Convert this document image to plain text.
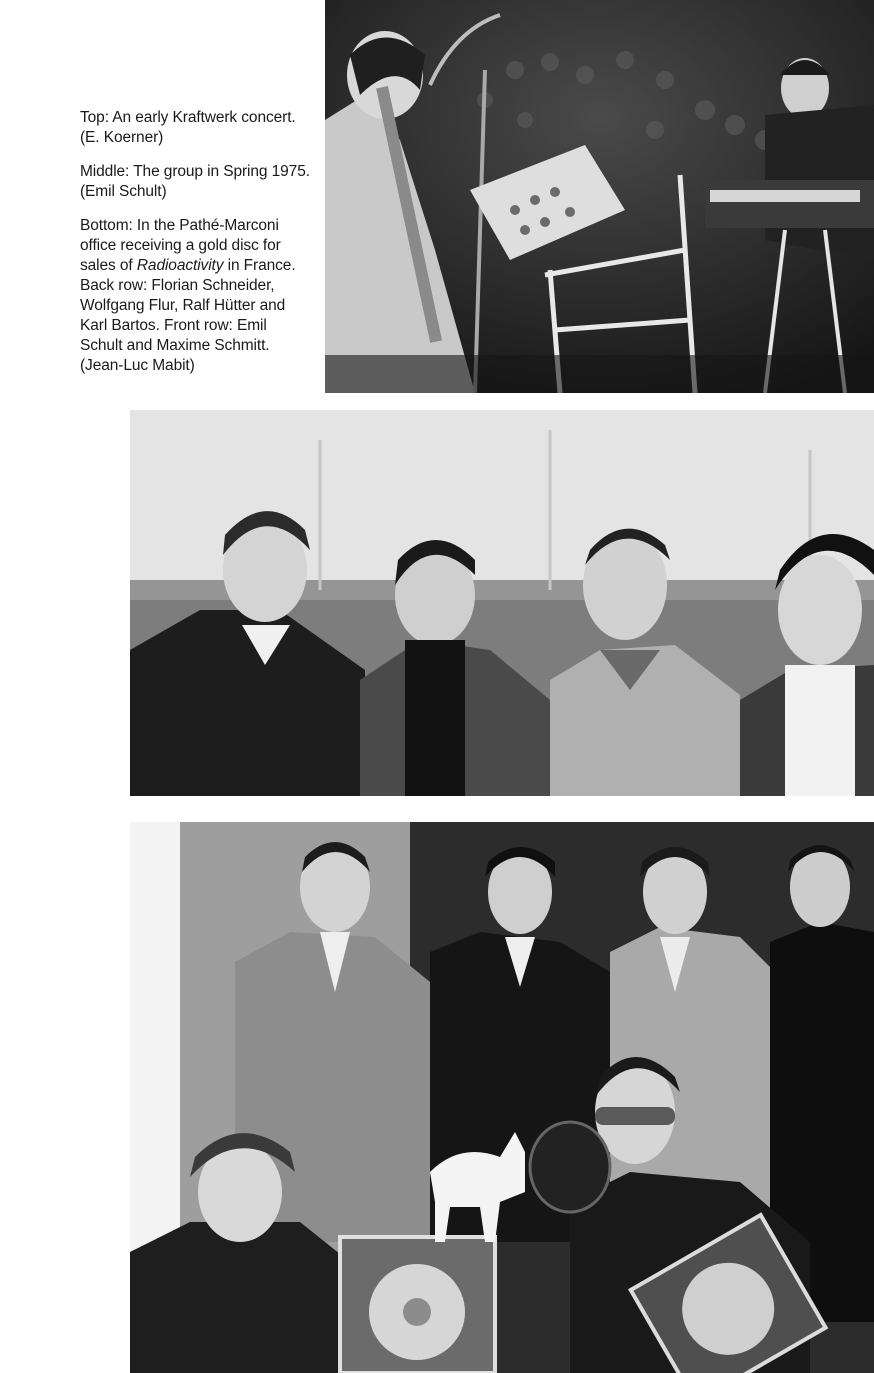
Top: An early Kraftwerk concert. (E. Koerner)

Middle: The group in Spring 1975. (Emil Schult)

Bottom: In the Pathé-Marconi office receiving a gold disc for sales of Radioactivity in France. Back row: Florian Schneider, Wolfgang Flur, Ralf Hütter and Karl Bartos. Front row: Emil Schult and Maxime Schmitt. (Jean-Luc Mabit)
